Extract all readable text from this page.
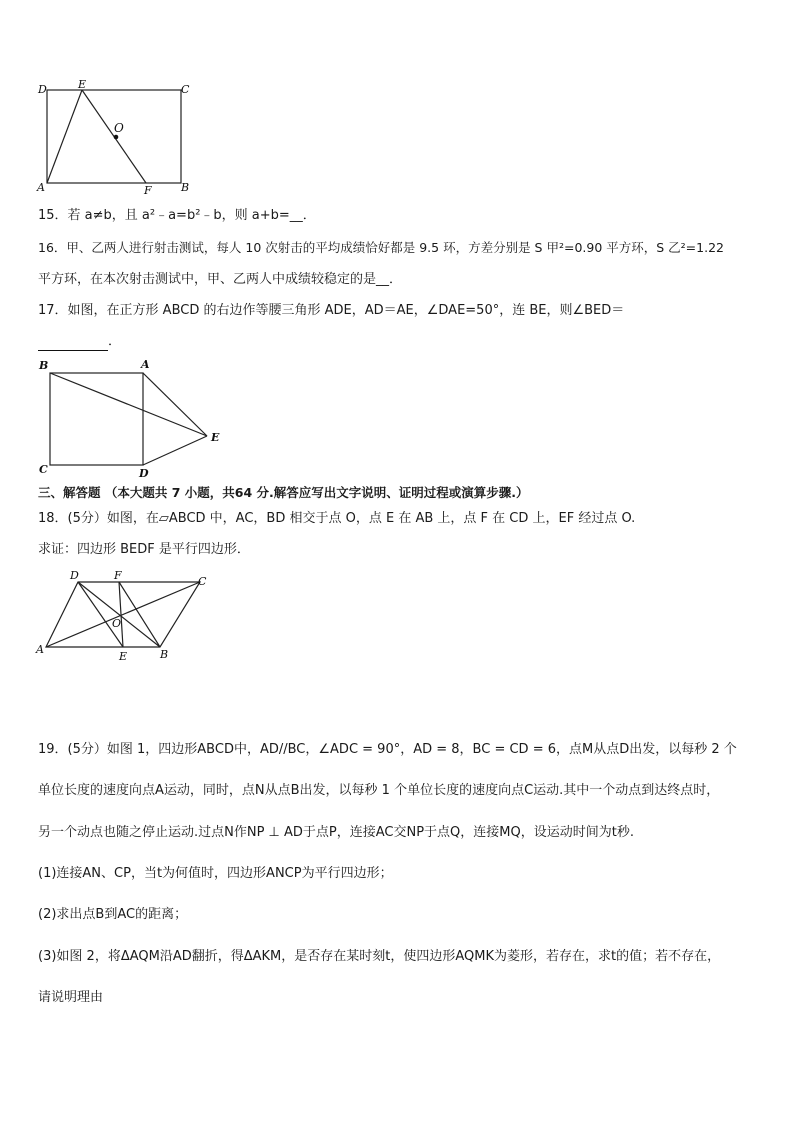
D	E	C
O
A	F	B
15．若 a≠b，且 a²﹣a=b²﹣b，则 a+b=__．
16．甲、乙两人进行射击测试，每人 10 次射击的平均成绩恰好都是 9.5 环，方差分别是 S 甲²=0.90 平方环，S 乙²=1.22
平方环，在本次射击测试中，甲、乙两人中成绩较稳定的是__．
17．如图，在正方形 ABCD 的右边作等腰三角形 ADE，AD＝AE，∠DAE=50°，连 BE，则∠BED＝
．
B	A
E
C	D
三、解答题 （本大题共 7 小题，共64 分.解答应写出文字说明、证明过程或演算步骤.）
18．(5分）如图，在▱ABCD 中，AC，BD 相交于点 O，点 E 在 AB 上，点 F 在 CD 上，EF 经过点 O.
求证：四边形 BEDF 是平行四边形．
D	F	C
O
A
E	B
19．(5分）如图 1，四边形ABCD中，AD//BC，∠ADC = 90°，AD = 8，BC = CD = 6，点M从点D出发，以每秒 2 个
单位长度的速度向点A运动，同时，点N从点B出发，以每秒 1 个单位长度的速度向点C运动.其中一个动点到达终点时，
另一个动点也随之停止运动.过点N作NP ⊥ AD于点P，连接AC交NP于点Q，连接MQ，设运动时间为t秒.
(1)连接AN、CP，当t为何值时，四边形ANCP为平行四边形；
(2)求出点B到AC的距离；
(3)如图 2，将ΔAQM沿AD翻折，得ΔAKM，是否存在某时刻t，使四边形AQMK为菱形，若存在，求t的值；若不存在，
请说明理由
